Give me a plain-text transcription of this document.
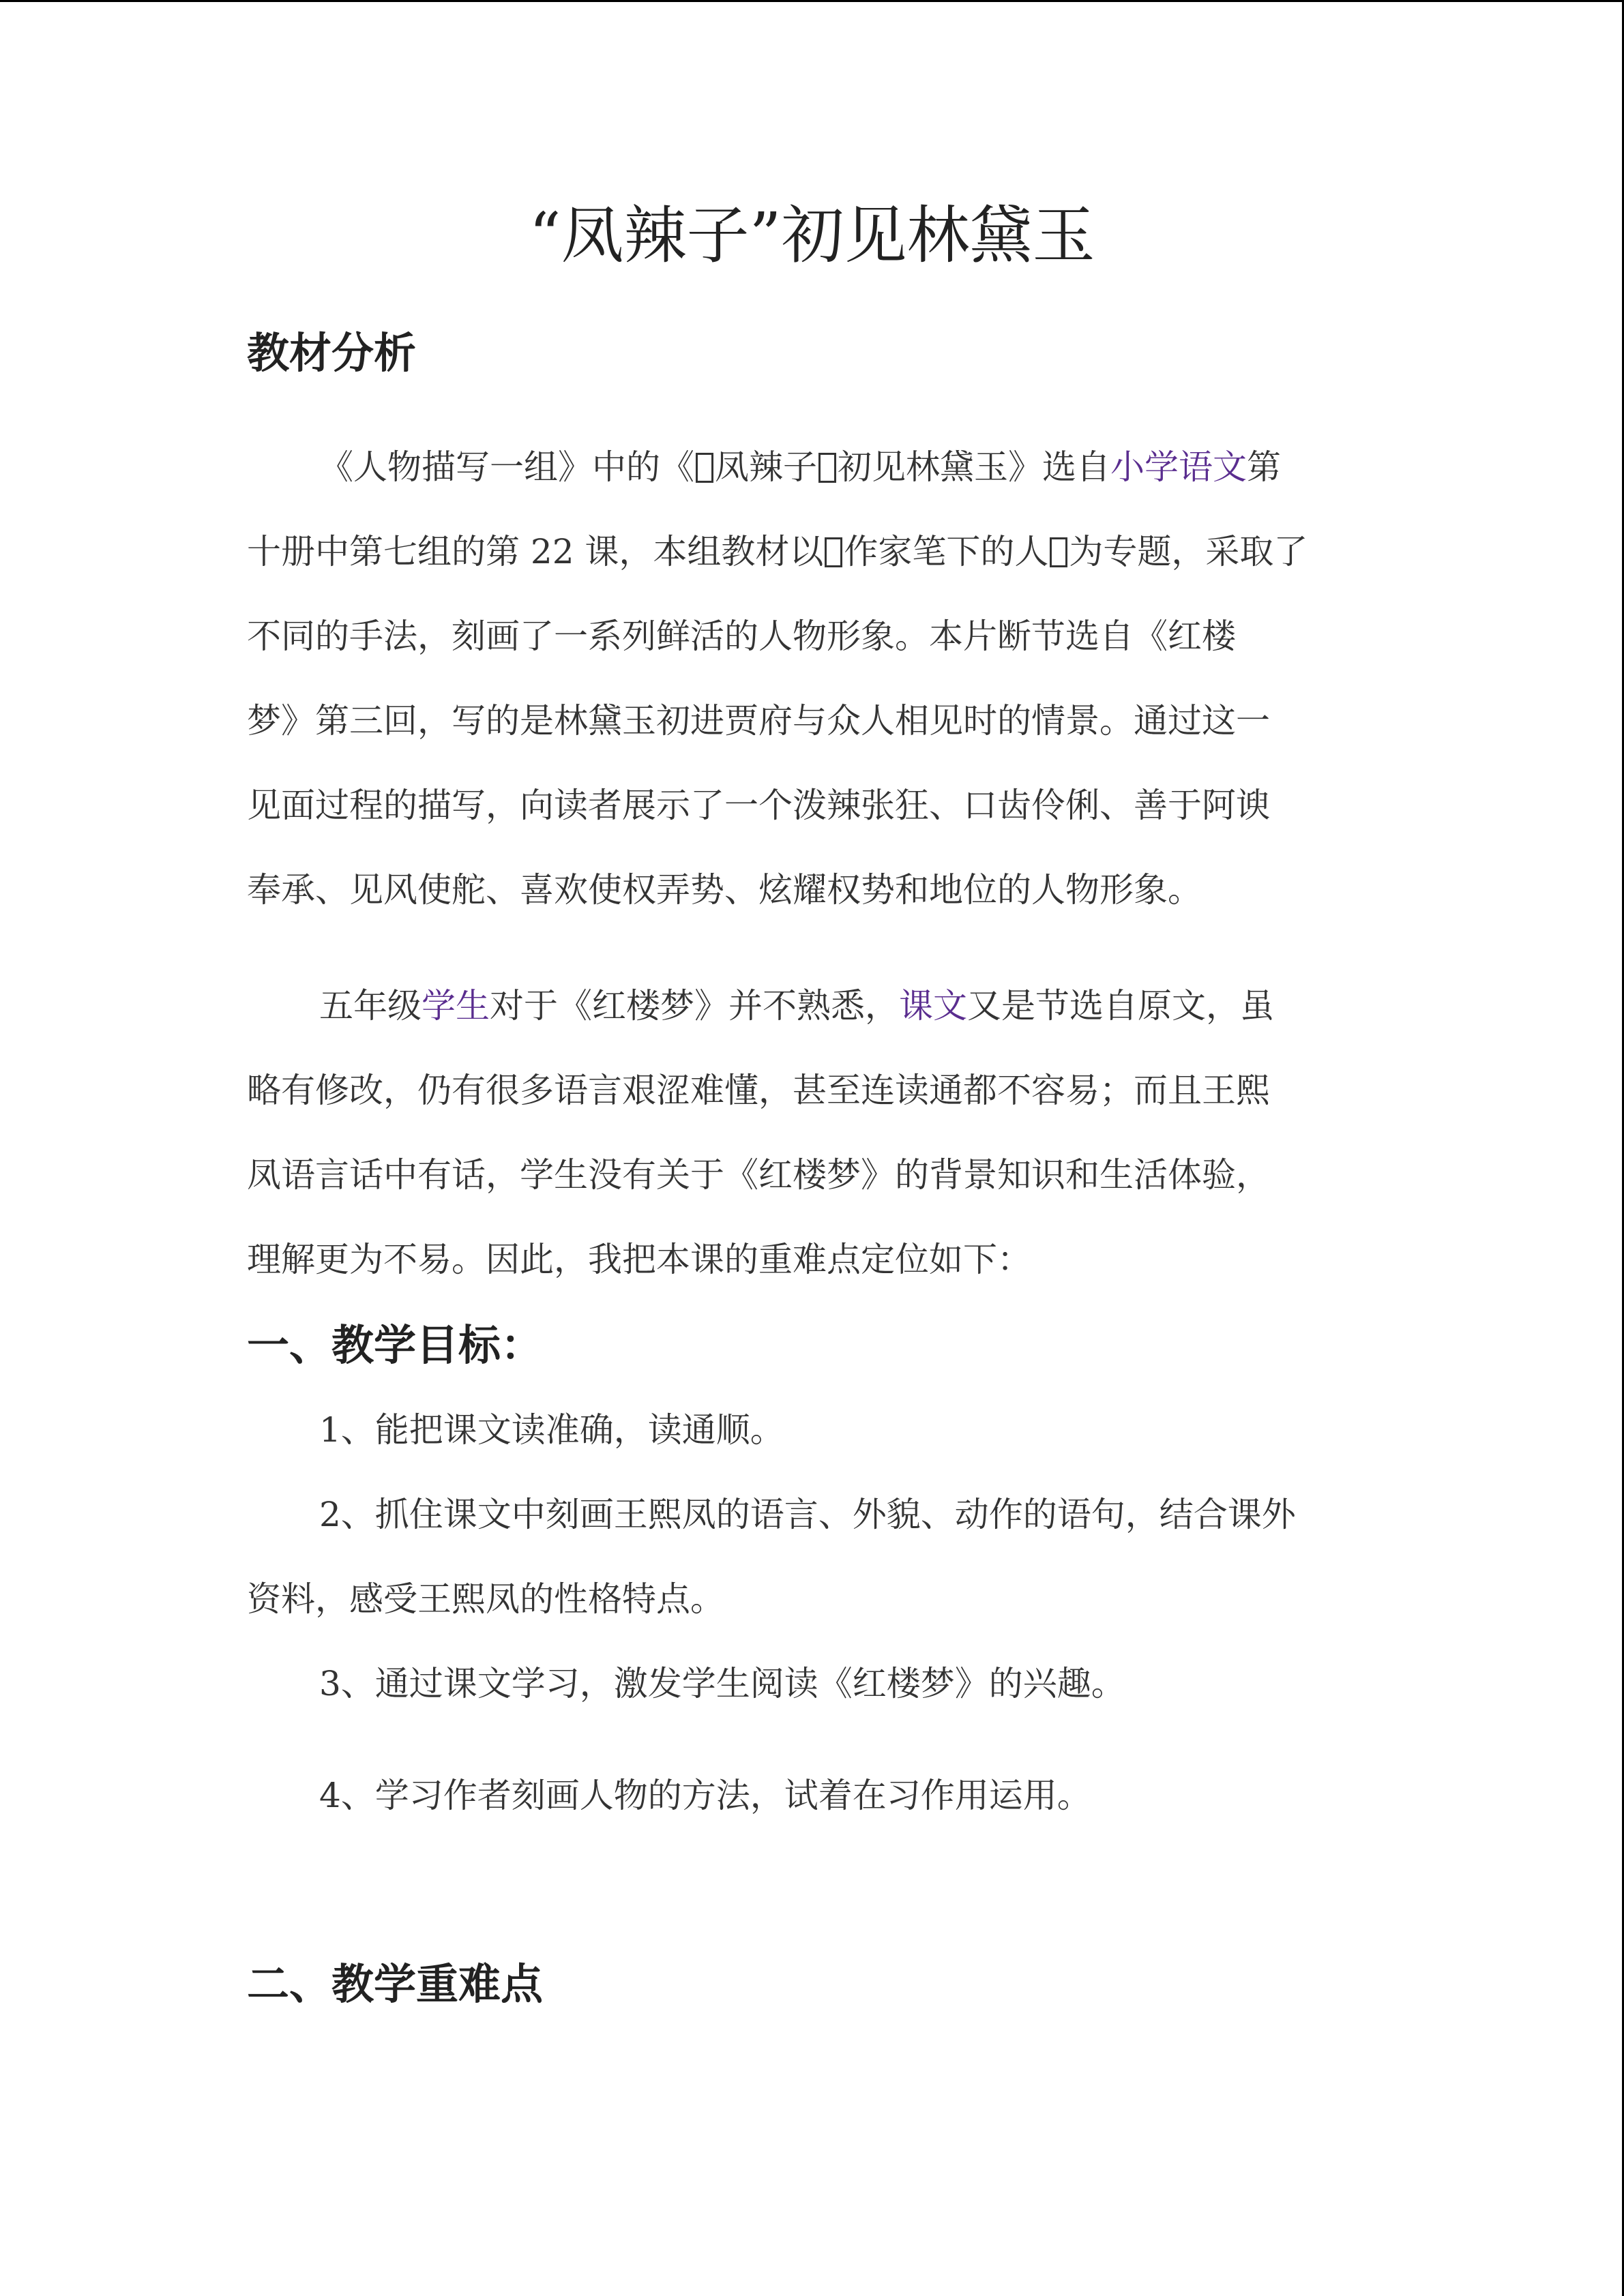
“凤辣子”初见林黛玉
教材分析
《人物描写一组》中的《 凤辣子 初见林黛玉》选自小学语文第
十册中第七组的第 22 课，本组教材以 作家笔下的人 为专题，采取了
不同的手法，刻画了一系列鲜活的人物形象。本片断节选自《红楼
梦》第三回，写的是林黛玉初进贾府与众人相见时的情景。通过这一
见面过程的描写，向读者展示了一个泼辣张狂、口齿伶俐、善于阿谀
奉承、见风使舵、喜欢使权弄势、炫耀权势和地位的人物形象。
五年级学生对于《红楼梦》并不熟悉，课文又是节选自原文，虽
略有修改，仍有很多语言艰涩难懂，甚至连读通都不容易；而且王熙
凤语言话中有话，学生没有关于《红楼梦》的背景知识和生活体验，
理解更为不易。因此，我把本课的重难点定位如下：
一、教学目标：
1、能把课文读准确，读通顺。
2、抓住课文中刻画王熙凤的语言、外貌、动作的语句，结合课外
资料，感受王熙凤的性格特点。
3、通过课文学习，激发学生阅读《红楼梦》的兴趣。
4、学习作者刻画人物的方法，试着在习作用运用。
二、教学重难点
